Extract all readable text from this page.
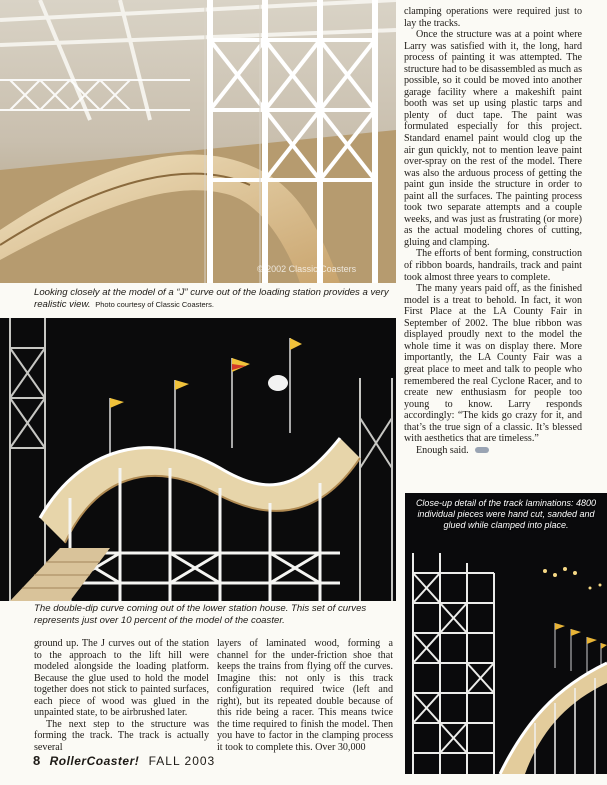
© 2002 Classic Coasters
Looking closely at the model of a “J” curve out of the loading station provides a very realistic view. Photo courtesy of Classic Coasters.
The double-dip curve coming out of the lower station house. This set of curves represents just over 10 percent of the model of the coaster.

clamping operations were required just to lay the tracks.

Once the structure was at a point where Larry was satisfied with it, the long, hard process of painting it was attempted. The structure had to be disassembled as much as possible, so it could be moved into another garage facility where a makeshift paint booth was set up using plastic tarps and plenty of duct tape. The paint was formulated especially for this project. Standard enamel paint would clog up the air gun quickly, not to mention leave paint over-spray on the rest of the model. There was also the arduous process of getting the paint gun inside the structure in order to paint all the surfaces. The painting process took two separate attempts and a couple weeks, and was just as frustrating (or more) as the actual modeling chores of cutting, gluing and clamping.

The efforts of bent forming, construction of ribbon boards, handrails, track and paint took almost three years to complete.

The many years paid off, as the finished model is a treat to behold. In fact, it won First Place at the LA County Fair in September of 2002. The blue ribbon was displayed proudly next to the model the whole time it was on display there. More importantly, the LA County Fair was a great place to meet and talk to people who remembered the real Cyclone Racer, and to create new enthusiasm for people too young to know. Larry responds accordingly: “The kids go crazy for it, and that’s the true sign of a classic. It’s blessed with aesthetics that are timeless.”

Enough said.

Close-up detail of the track laminations: 4800 individual pieces were hand cut, sanded and glued while clamped into place.

ground up. The J curves out of the station to the approach to the lift hill were modeled alongside the loading platform. Because the glue used to hold the model together does not stick to painted surfaces, each piece of wood was glued in the unpainted state, to be airbrushed later.

The next step to the structure was forming the track. The track is actually several

layers of laminated wood, forming a channel for the under-friction shoe that keeps the trains from flying off the curves. Imagine this: not only is this track configuration required twice (left and right), but its repeated double because of this ride being a racer. This means twice the time required to finish the model. Then you have to factor in the clamping process it took to complete this. Over 30,000

8 RollerCoaster! FALL 2003
